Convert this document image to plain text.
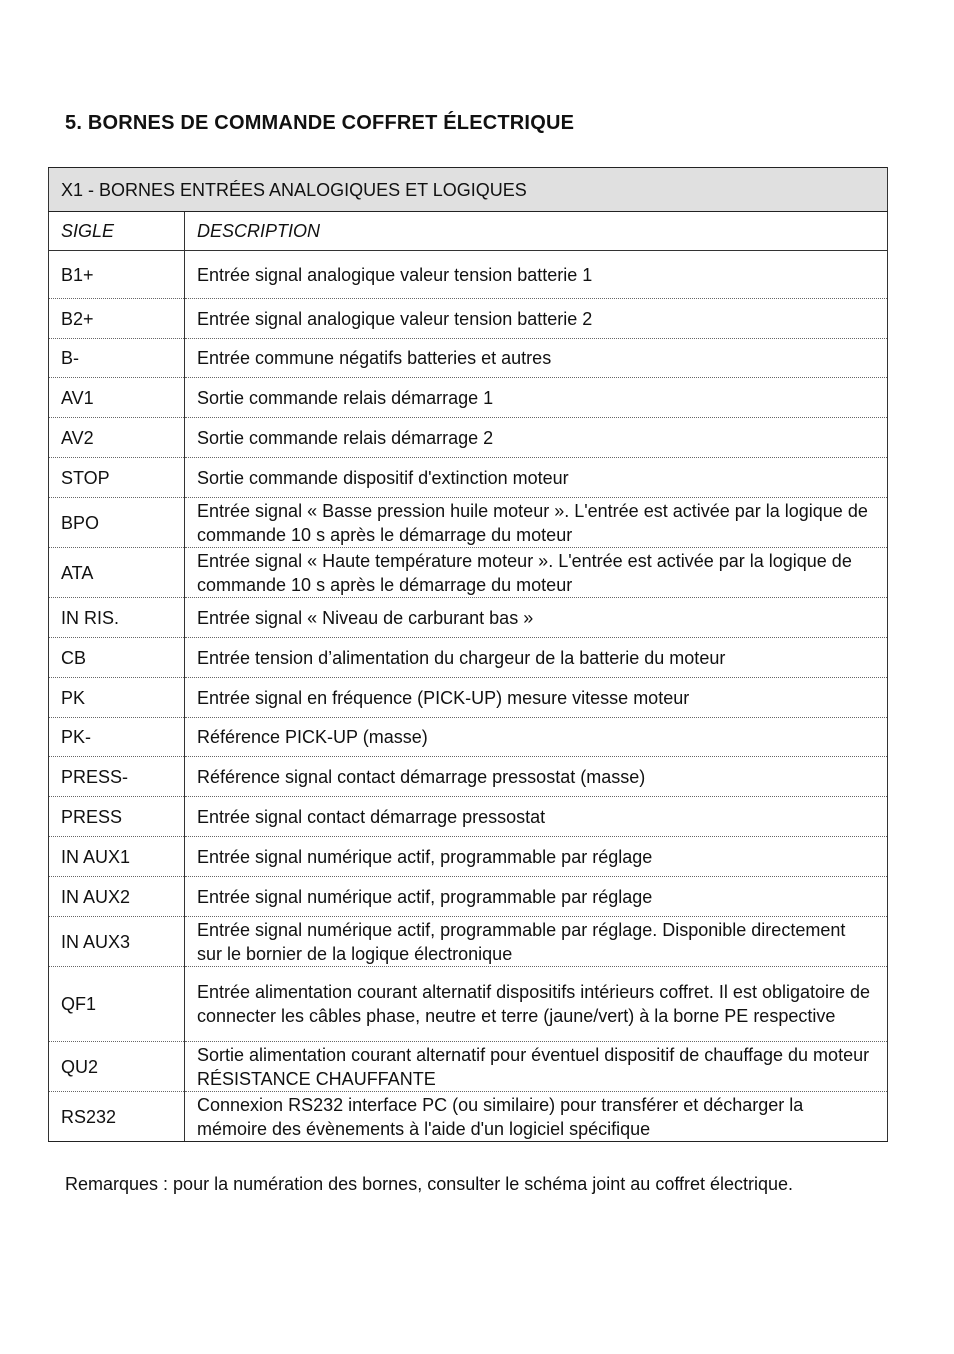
5. BORNES DE COMMANDE COFFRET ÉLECTRIQUE
X1 - BORNES ENTRÉES ANALOGIQUES ET LOGIQUES	
SIGLE	DESCRIPTION
B1+	Entrée signal analogique valeur tension batterie 1
B2+	Entrée signal analogique valeur tension batterie 2
B-	Entrée commune négatifs batteries et autres
AV1	Sortie commande relais démarrage 1
AV2	Sortie commande relais démarrage 2
STOP	Sortie commande dispositif d'extinction moteur
BPO	Entrée signal « Basse pression huile moteur ». L'entrée est activée par la logique de commande 10 s après le démarrage du moteur
ATA	Entrée signal « Haute température moteur ». L'entrée est activée par la logique de commande 10 s après le démarrage du moteur
IN RIS.	Entrée signal « Niveau de carburant bas »
CB	Entrée tension d’alimentation du chargeur de la batterie du moteur
PK	Entrée signal en fréquence (PICK-UP) mesure vitesse moteur
PK-	Référence PICK-UP (masse)
PRESS-	Référence signal contact démarrage pressostat (masse)
PRESS	Entrée signal contact démarrage pressostat
IN AUX1	Entrée signal numérique actif, programmable par réglage
IN AUX2	Entrée signal numérique actif, programmable par réglage
IN AUX3	Entrée signal numérique actif, programmable par réglage. Disponible directement sur le bornier de la logique électronique
QF1	Entrée alimentation courant alternatif dispositifs intérieurs coffret. Il est obligatoire de connecter les câbles phase, neutre et terre (jaune/vert) à la borne PE respective
QU2	Sortie alimentation courant alternatif pour éventuel dispositif de chauffage du moteur RÉSISTANCE CHAUFFANTE
RS232	Connexion RS232 interface PC (ou similaire) pour transférer et décharger la mémoire des évènements à l'aide d'un logiciel spécifique

Remarques : pour la numération des bornes, consulter le schéma joint au coffret électrique.
